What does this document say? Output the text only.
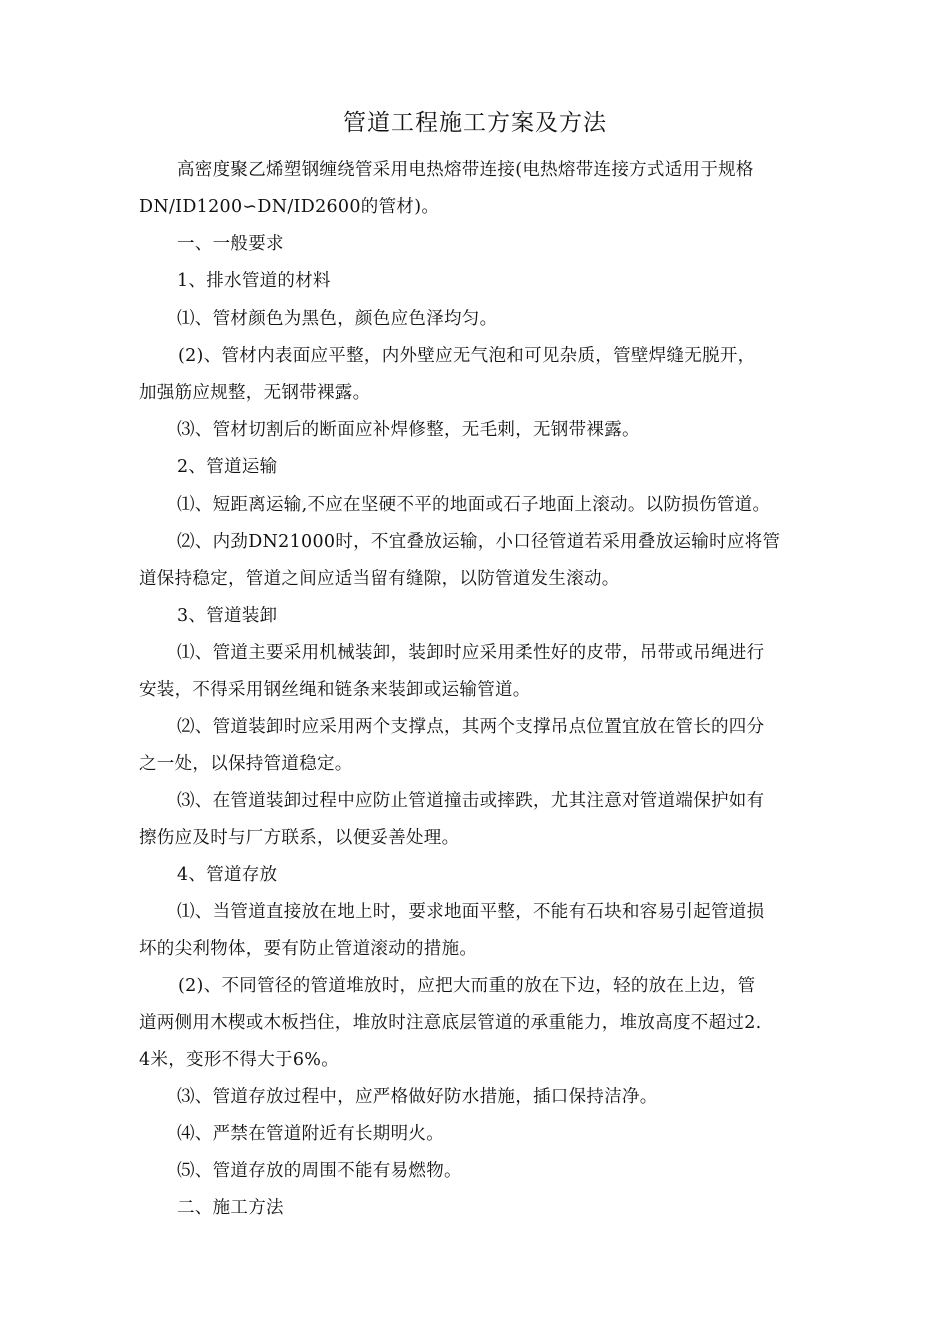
管道工程施工方案及方法
高密度聚乙烯塑钢缠绕管采用电热熔带连接(电热熔带连接方式适用于规格
DN/ID1200∽DN/ID2600的管材)。
一、一般要求
1、排水管道的材料
⑴、管材颜色为黑色，颜色应色泽均匀。
(2)、管材内表面应平整，内外壁应无气泡和可见杂质，管壁焊缝无脱开，
加强筋应规整，无钢带裸露。
⑶、管材切割后的断面应补焊修整，无毛刺，无钢带裸露。
2、管道运输
⑴、短距离运输,不应在坚硬不平的地面或石子地面上滚动。以防损伤管道。
⑵、内劲DN21000时，不宜叠放运输，小口径管道若采用叠放运输时应将管
道保持稳定，管道之间应适当留有缝隙，以防管道发生滚动。
3、管道装卸
⑴、管道主要采用机械装卸，装卸时应采用柔性好的皮带，吊带或吊绳进行
安装，不得采用钢丝绳和链条来装卸或运输管道。
⑵、管道装卸时应采用两个支撑点，其两个支撑吊点位置宜放在管长的四分
之一处，以保持管道稳定。
⑶、在管道装卸过程中应防止管道撞击或摔跌，尤其注意对管道端保护如有
擦伤应及时与厂方联系，以便妥善处理。
4、管道存放
⑴、当管道直接放在地上时，要求地面平整，不能有石块和容易引起管道损
坏的尖利物体，要有防止管道滚动的措施。
(2)、不同管径的管道堆放时，应把大而重的放在下边，轻的放在上边，管
道两侧用木楔或木板挡住，堆放时注意底层管道的承重能力，堆放高度不超过2.
4米，变形不得大于6%。
⑶、管道存放过程中，应严格做好防水措施，插口保持洁净。
⑷、严禁在管道附近有长期明火。
⑸、管道存放的周围不能有易燃物。
二、施工方法
